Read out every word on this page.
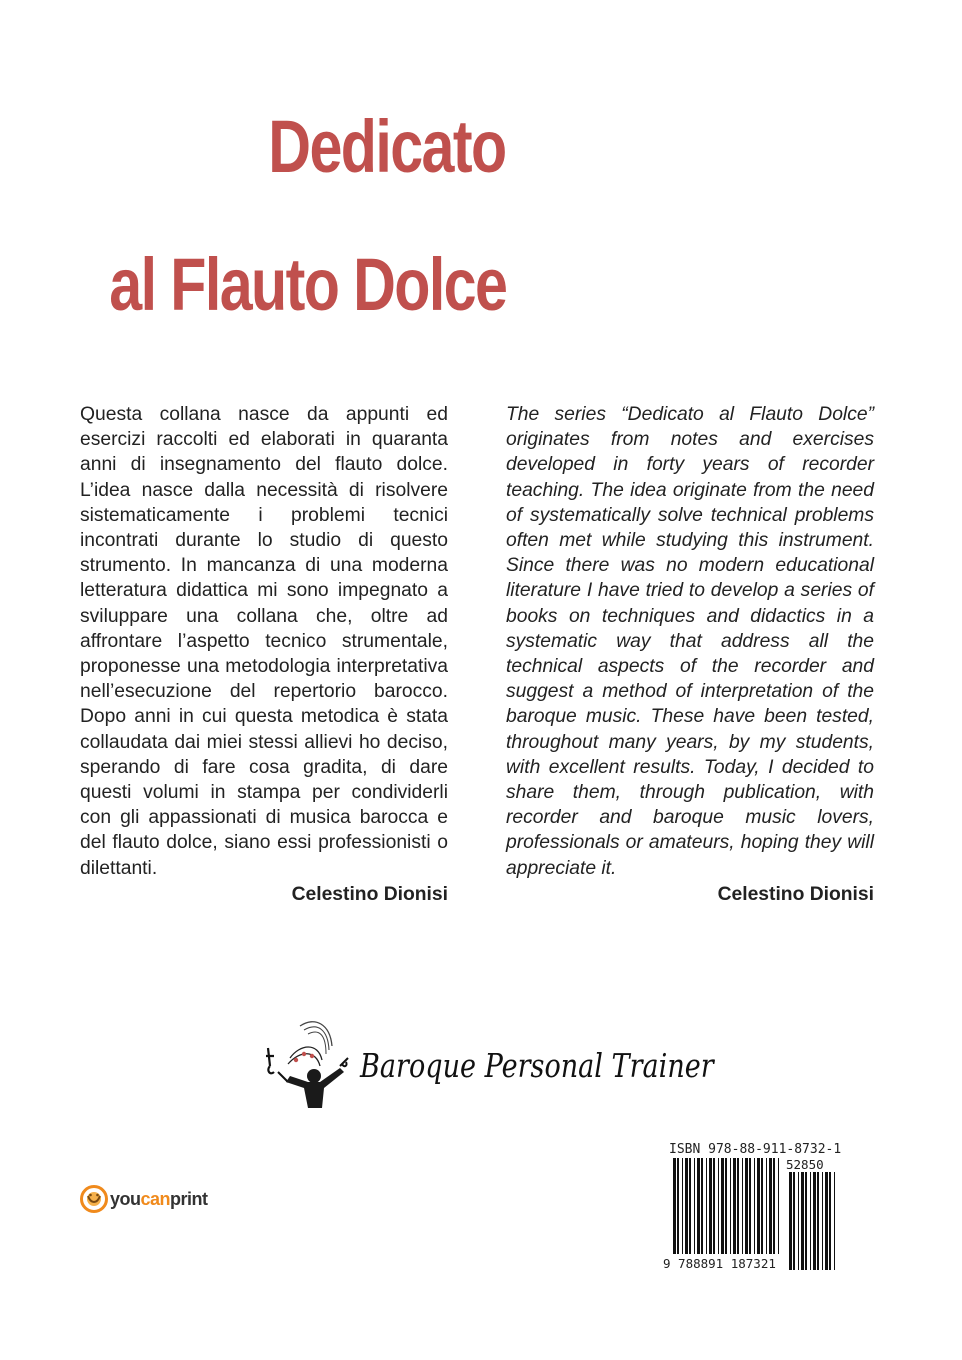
Dedicato
al Flauto Dolce

Questa collana nasce da appunti ed esercizi raccolti ed elaborati in quaranta anni di insegnamento del flauto dolce. L’idea nasce dalla necessità di risolvere sistematicamente i problemi tecnici incontrati durante lo studio di questo strumento. In mancanza di una moderna letteratura didattica mi sono impegnato a sviluppare una collana che, oltre ad affrontare l’aspetto tecnico strumentale, proponesse una metodologia interpretativa nell’esecuzione del repertorio barocco. Dopo anni in cui questa metodica è stata collaudata dai miei stessi allievi ho deciso, sperando di fare cosa gradita, di dare questi volumi in stampa per condividerli con gli appassionati di musica barocca e del flauto dolce, siano essi professionisti o dilettanti.

Celestino Dionisi

The series “Dedicato al Flauto Dolce” originates from notes and exercises developed in forty years of recorder teaching. The idea originate from the need of systematically solve technical problems often met while studying this instrument. Since there was no modern educational literature I have tried to develop a series of books on techniques and didactics in a systematic way that address all the technical aspects of the recorder and suggest a method of interpretation of the baroque music. These have been tested, throughout many years, by my students, with excellent results. Today, I decided to share them, through publication, with recorder and baroque music lovers, professionals or amateurs, hoping they will appreciate it.

Celestino Dionisi
Baroque Personal Trainer
youcanprint
ISBN 978-88-911-8732-1
52850
9 788891 187321
